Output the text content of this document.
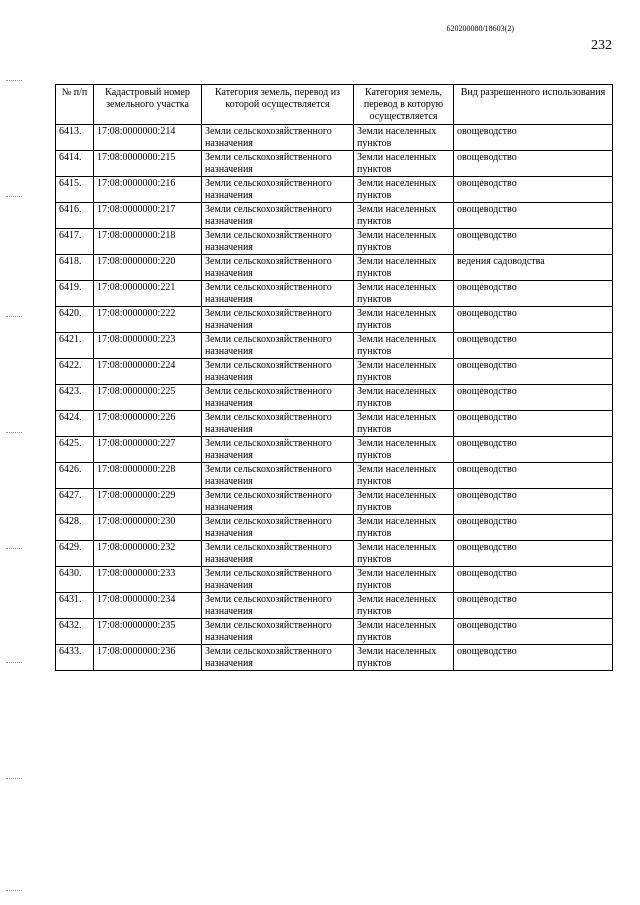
620200080/18603(2)
232
№ п/п	Кадастровый номер земельного участка	Категория земель, перевод из которой осуществляется	Категория земель, перевод в которую осуществляется	Вид разрешенного использования
6413.	17:08:0000000:214	Земли сельскохозяйственного назначения	Земли населенных пунктов	овощеводство
6414.	17:08:0000000:215	Земли сельскохозяйственного назначения	Земли населенных пунктов	овощеводство
6415.	17:08:0000000:216	Земли сельскохозяйственного назначения	Земли населенных пунктов	овощеводство
6416.	17:08:0000000:217	Земли сельскохозяйственного назначения	Земли населенных пунктов	овощеводство
6417.	17:08:0000000:218	Земли сельскохозяйственного назначения	Земли населенных пунктов	овощеводство
6418.	17:08:0000000:220	Земли сельскохозяйственного назначения	Земли населенных пунктов	ведения садоводства
6419.	17:08:0000000:221	Земли сельскохозяйственного назначения	Земли населенных пунктов	овощеводство
6420.	17:08:0000000:222	Земли сельскохозяйственного назначения	Земли населенных пунктов	овощеводство
6421.	17:08:0000000:223	Земли сельскохозяйственного назначения	Земли населенных пунктов	овощеводство
6422.	17:08:0000000:224	Земли сельскохозяйственного назначения	Земли населенных пунктов	овощеводство
6423.	17:08:0000000:225	Земли сельскохозяйственного назначения	Земли населенных пунктов	овощеводство
6424.	17:08:0000000:226	Земли сельскохозяйственного назначения	Земли населенных пунктов	овощеводство
6425.	17:08:0000000:227	Земли сельскохозяйственного назначения	Земли населенных пунктов	овощеводство
6426.	17:08:0000000:228	Земли сельскохозяйственного назначения	Земли населенных пунктов	овощеводство
6427.	17:08:0000000:229	Земли сельскохозяйственного назначения	Земли населенных пунктов	овощеводство
6428.	17:08:0000000:230	Земли сельскохозяйственного назначения	Земли населенных пунктов	овощеводство
6429.	17:08:0000000:232	Земли сельскохозяйственного назначения	Земли населенных пунктов	овощеводство
6430.	17:08:0000000:233	Земли сельскохозяйственного назначения	Земли населенных пунктов	овощеводство
6431.	17:08:0000000:234	Земли сельскохозяйственного назначения	Земли населенных пунктов	овощеводство
6432.	17:08:0000000:235	Земли сельскохозяйственного назначения	Земли населенных пунктов	овощеводство
6433.	17:08:0000000:236	Земли сельскохозяйственного назначения	Земли населенных пунктов	овощеводство
